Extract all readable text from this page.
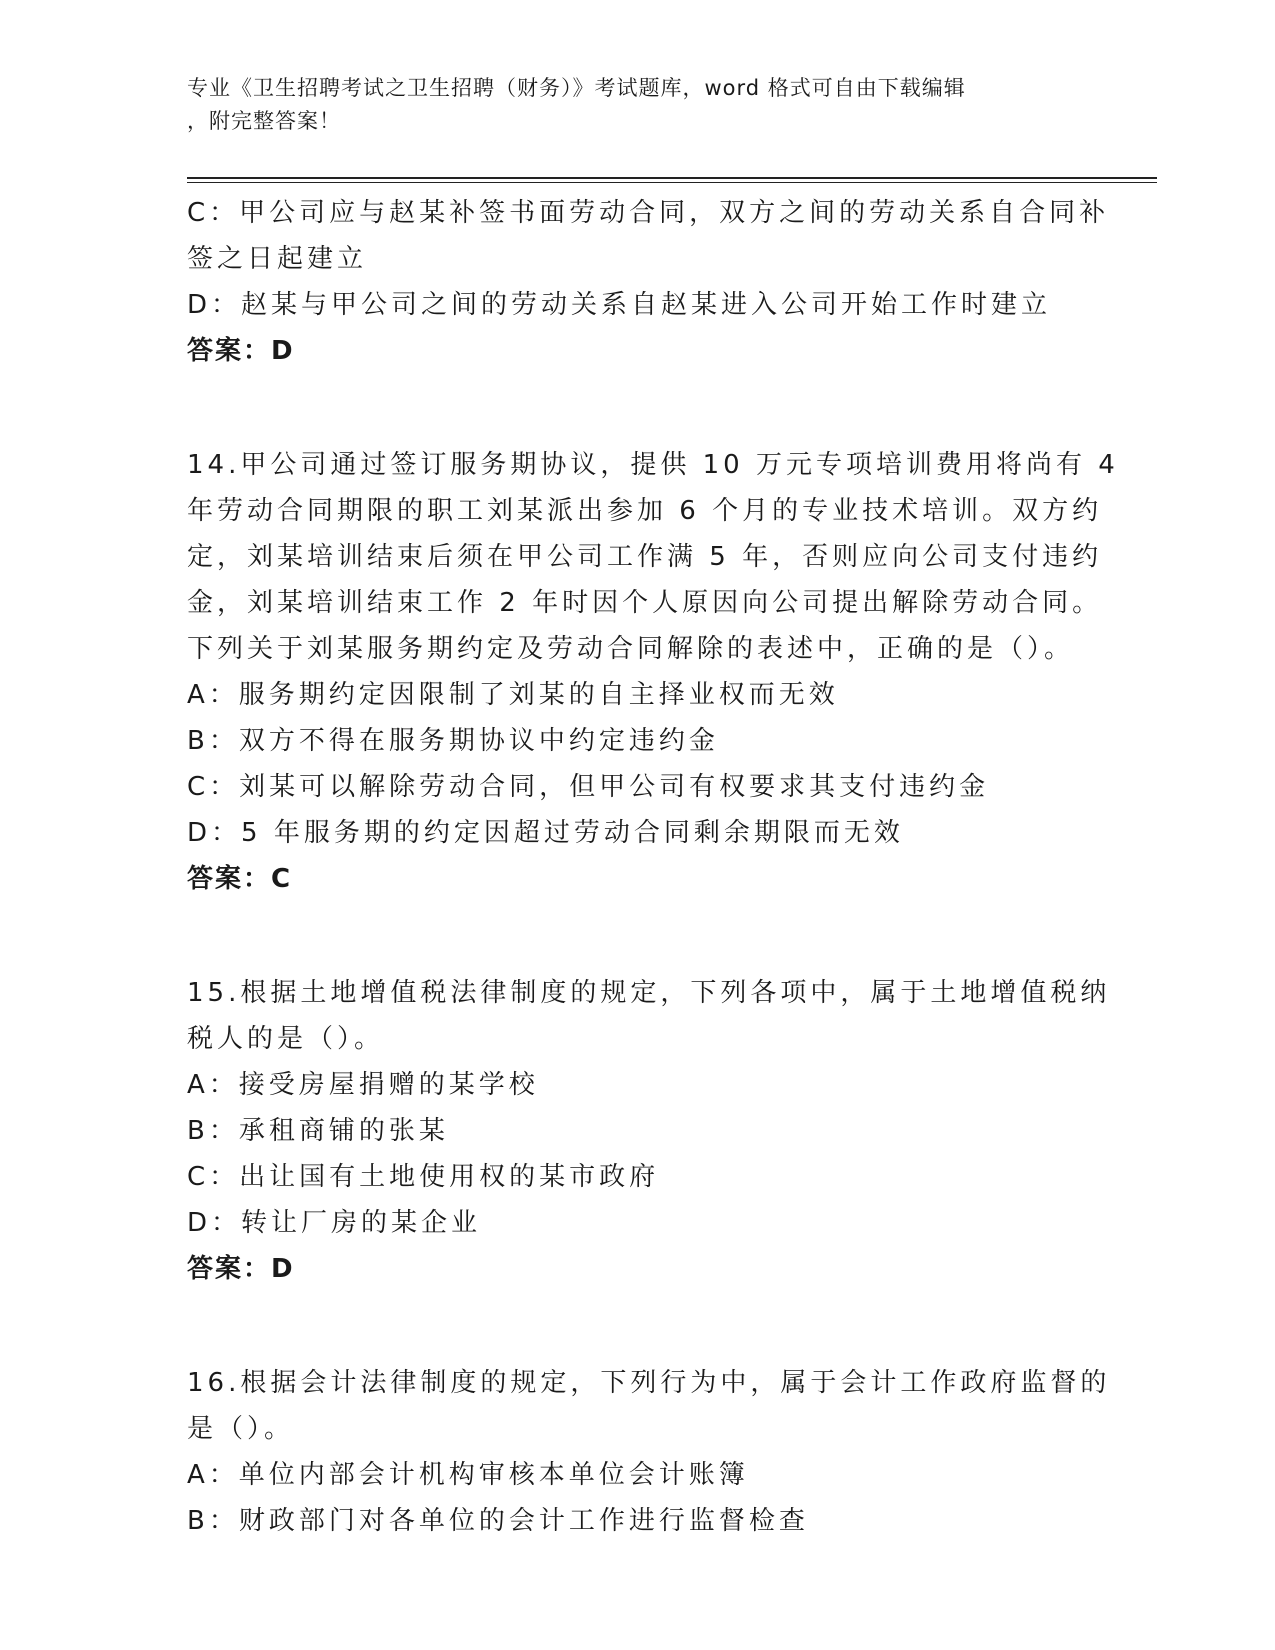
专业《卫生招聘考试之卫生招聘（财务）》考试题库，word 格式可自由下载编辑
，附完整答案！
C：甲公司应与赵某补签书面劳动合同，双方之间的劳动关系自合同补
签之日起建立
D：赵某与甲公司之间的劳动关系自赵某进入公司开始工作时建立
答案：D
14.甲公司通过签订服务期协议，提供 10 万元专项培训费用将尚有 4
年劳动合同期限的职工刘某派出参加 6 个月的专业技术培训。双方约
定，刘某培训结束后须在甲公司工作满 5 年，否则应向公司支付违约
金，刘某培训结束工作 2 年时因个人原因向公司提出解除劳动合同。
下列关于刘某服务期约定及劳动合同解除的表述中，正确的是（）。
A：服务期约定因限制了刘某的自主择业权而无效
B：双方不得在服务期协议中约定违约金
C：刘某可以解除劳动合同，但甲公司有权要求其支付违约金
D：5 年服务期的约定因超过劳动合同剩余期限而无效
答案：C
15.根据土地增值税法律制度的规定，下列各项中，属于土地增值税纳
税人的是（）。
A：接受房屋捐赠的某学校
B：承租商铺的张某
C：出让国有土地使用权的某市政府
D：转让厂房的某企业
答案：D
16.根据会计法律制度的规定，下列行为中，属于会计工作政府监督的
是（）。
A：单位内部会计机构审核本单位会计账簿
B：财政部门对各单位的会计工作进行监督检查
